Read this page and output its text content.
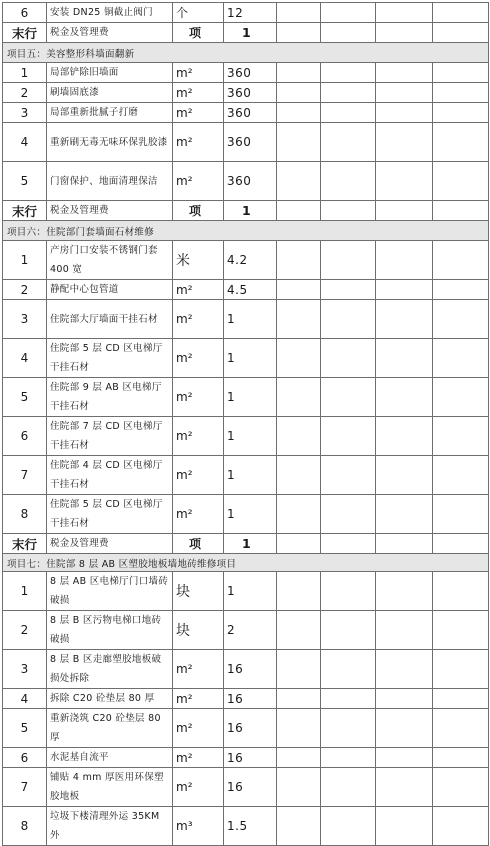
6	安装 DN25 铜截止阀门	个	12				
末行	税金及管理费	项	1				
项目五：美容整形科墙面翻新							
1	局部铲除旧墙面	m²	360				
2	刷墙固底漆	m²	360				
3	局部重新批腻子打磨	m²	360				
4	重新刷无毒无味环保乳胶漆	m²	360				
5	门窗保护、地面清理保洁	m²	360				
末行	税金及管理费	项	1				
项目六：住院部门套墙面石材维修							
1	产房门口安装不锈钢门套 400 宽	米	4.2				
2	静配中心包管道	m²	4.5				
3	住院部大厅墙面干挂石材	m²	1				
4	住院部 5 层 CD 区电梯厅干挂石材	m²	1				
5	住院部 9 层 AB 区电梯厅干挂石材	m²	1				
6	住院部 7 层 CD 区电梯厅干挂石材	m²	1				
7	住院部 4 层 CD 区电梯厅干挂石材	m²	1				
8	住院部 5 层 CD 区电梯厅干挂石材	m²	1				
末行	税金及管理费	项	1				
项目七：住院部 8 层 AB 区塑胶地板墙地砖维修项目							
1	8 层 AB 区电梯厅门口墙砖破损	块	1				
2	8 层 B 区污物电梯口地砖破损	块	2				
3	8 层 B 区走廊塑胶地板破损处拆除	m²	16				
4	拆除 C20 砼垫层 80 厚	m²	16				
5	重新浇筑 C20 砼垫层 80 厚	m²	16				
6	水泥基自流平	m²	16				
7	铺贴 4 mm 厚医用环保塑胶地板	m²	16				
8	垃圾下楼清理外运 35KM 外	m³	1.5				
